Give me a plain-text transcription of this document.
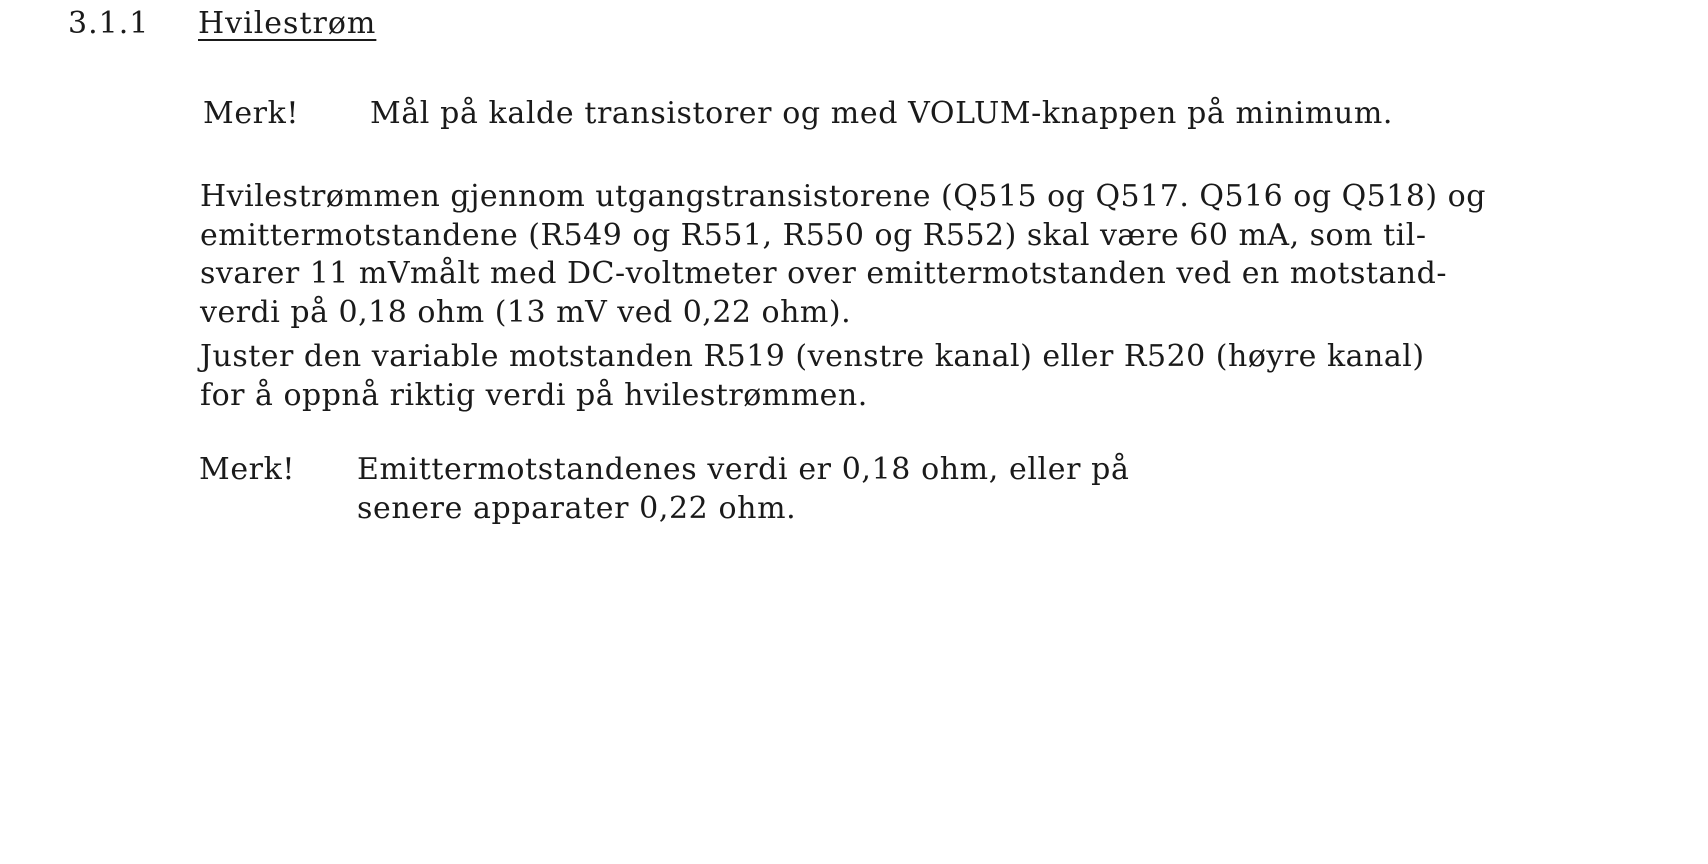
3.1.1 Hvilestrøm
Merk! Mål på kalde transistorer og med VOLUM-knappen på minimum.
Hvilestrømmen gjennom utgangstransistorene (Q515 og Q517. Q516 og Q518) og
emittermotstandene (R549 og R551, R550 og R552) skal være 60 mA, som til-
svarer 11 mVmålt med DC-voltmeter over emittermotstanden ved en motstand-
verdi på 0,18 ohm (13 mV ved 0,22 ohm).
Juster den variable motstanden R519 (venstre kanal) eller R520 (høyre kanal)
for å oppnå riktig verdi på hvilestrømmen.
Merk! Emittermotstandenes verdi er 0,18 ohm, eller på
senere apparater 0,22 ohm.
